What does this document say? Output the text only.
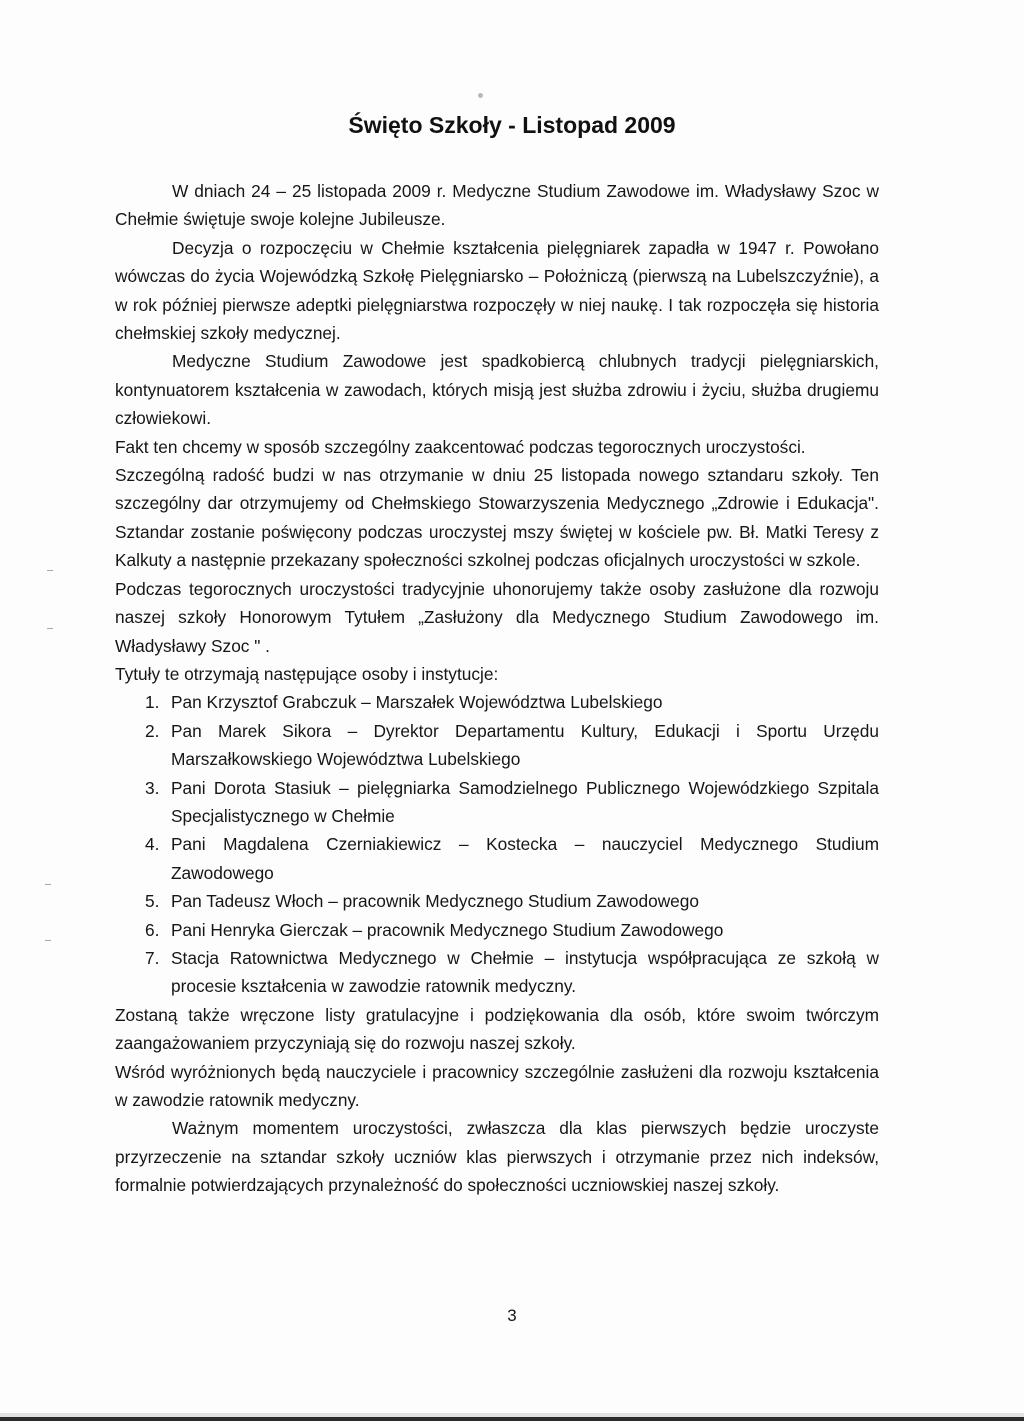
Święto Szkoły - Listopad 2009

W dniach 24 – 25 listopada 2009 r. Medyczne Studium Zawodowe im. Władysławy Szoc w Chełmie świętuje swoje kolejne Jubileusze.

Decyzja o rozpoczęciu w Chełmie kształcenia pielęgniarek zapadła w 1947 r. Powołano wówczas do życia Wojewódzką Szkołę Pielęgniarsko – Położniczą (pierwszą na Lubelszczyźnie), a w rok później pierwsze adeptki pielęgniarstwa rozpoczęły w niej naukę. I tak rozpoczęła się historia chełmskiej szkoły medycznej.

Medyczne Studium Zawodowe jest spadkobiercą chlubnych tradycji pielęgniarskich, kontynuatorem kształcenia w zawodach, których misją jest służba zdrowiu i życiu, służba drugiemu człowiekowi.

Fakt ten chcemy w sposób szczególny zaakcentować podczas tegorocznych uroczystości.

Szczególną radość budzi w nas otrzymanie w dniu 25 listopada nowego sztandaru szkoły. Ten szczególny dar otrzymujemy od Chełmskiego Stowarzyszenia Medycznego „Zdrowie i Edukacja". Sztandar zostanie poświęcony podczas uroczystej mszy świętej w kościele pw. Bł. Matki Teresy z Kalkuty a następnie przekazany społeczności szkolnej podczas oficjalnych uroczystości w szkole.

Podczas tegorocznych uroczystości tradycyjnie uhonorujemy także osoby zasłużone dla rozwoju naszej szkoły Honorowym Tytułem „Zasłużony dla Medycznego Studium Zawodowego im. Władysławy Szoc " .

Tytuły te otrzymają następujące osoby i instytucje:

1. Pan Krzysztof Grabczuk – Marszałek Województwa Lubelskiego
2. Pan Marek Sikora – Dyrektor Departamentu Kultury, Edukacji i Sportu Urzędu Marszałkowskiego Województwa Lubelskiego
3. Pani Dorota Stasiuk – pielęgniarka Samodzielnego Publicznego Wojewódzkiego Szpitala Specjalistycznego w Chełmie
4. Pani Magdalena Czerniakiewicz – Kostecka – nauczyciel Medycznego Studium Zawodowego
5. Pan Tadeusz Włoch – pracownik Medycznego Studium Zawodowego
6. Pani Henryka Gierczak – pracownik Medycznego Studium Zawodowego
7. Stacja Ratownictwa Medycznego w Chełmie – instytucja współpracująca ze szkołą w procesie kształcenia w zawodzie ratownik medyczny.

Zostaną także wręczone listy gratulacyjne i podziękowania dla osób, które swoim twórczym zaangażowaniem przyczyniają się do rozwoju naszej szkoły.

Wśród wyróżnionych będą nauczyciele i pracownicy szczególnie zasłużeni dla rozwoju kształcenia w zawodzie ratownik medyczny.

Ważnym momentem uroczystości, zwłaszcza dla klas pierwszych będzie uroczyste przyrzeczenie na sztandar szkoły uczniów klas pierwszych i otrzymanie przez nich indeksów, formalnie potwierdzających przynależność do społeczności uczniowskiej naszej szkoły.

3
